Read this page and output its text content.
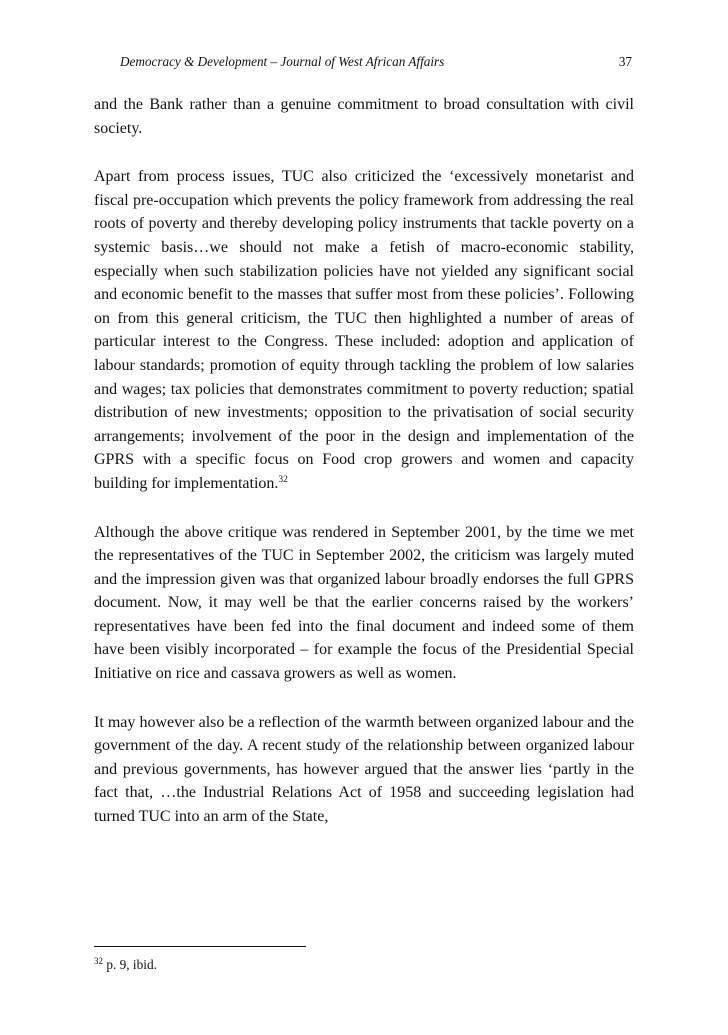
Democracy & Development – Journal of West African Affairs	37

and the Bank rather than a genuine commitment to broad consultation with civil society.

Apart from process issues, TUC also criticized the ‘excessively monetarist and fiscal pre-occupation which prevents the policy framework from addressing the real roots of poverty and thereby developing policy instruments that tackle poverty on a systemic basis…we should not make a fetish of macro-economic stability, especially when such stabilization policies have not yielded any significant social and economic benefit to the masses that suffer most from these policies’. Following on from this general criticism, the TUC then highlighted a number of areas of particular interest to the Congress. These included: adoption and application of labour standards; promotion of equity through tackling the problem of low salaries and wages; tax policies that demonstrates commitment to poverty reduction; spatial distribution of new investments; opposition to the privatisation of social security arrangements; involvement of the poor in the design and implementation of the GPRS with a specific focus on Food crop growers and women and capacity building for implementation.$^{32}$

Although the above critique was rendered in September 2001, by the time we met the representatives of the TUC in September 2002, the criticism was largely muted and the impression given was that organized labour broadly endorses the full GPRS document. Now, it may well be that the earlier concerns raised by the workers’ representatives have been fed into the final document and indeed some of them have been visibly incorporated – for example the focus of the Presidential Special Initiative on rice and cassava growers as well as women.

It may however also be a reflection of the warmth between organized labour and the government of the day. A recent study of the relationship between organized labour and previous governments, has however argued that the answer lies ‘partly in the fact that, …the Industrial Relations Act of 1958 and succeeding legislation had turned TUC into an arm of the State,

$^{32}$ p. 9, ibid.
